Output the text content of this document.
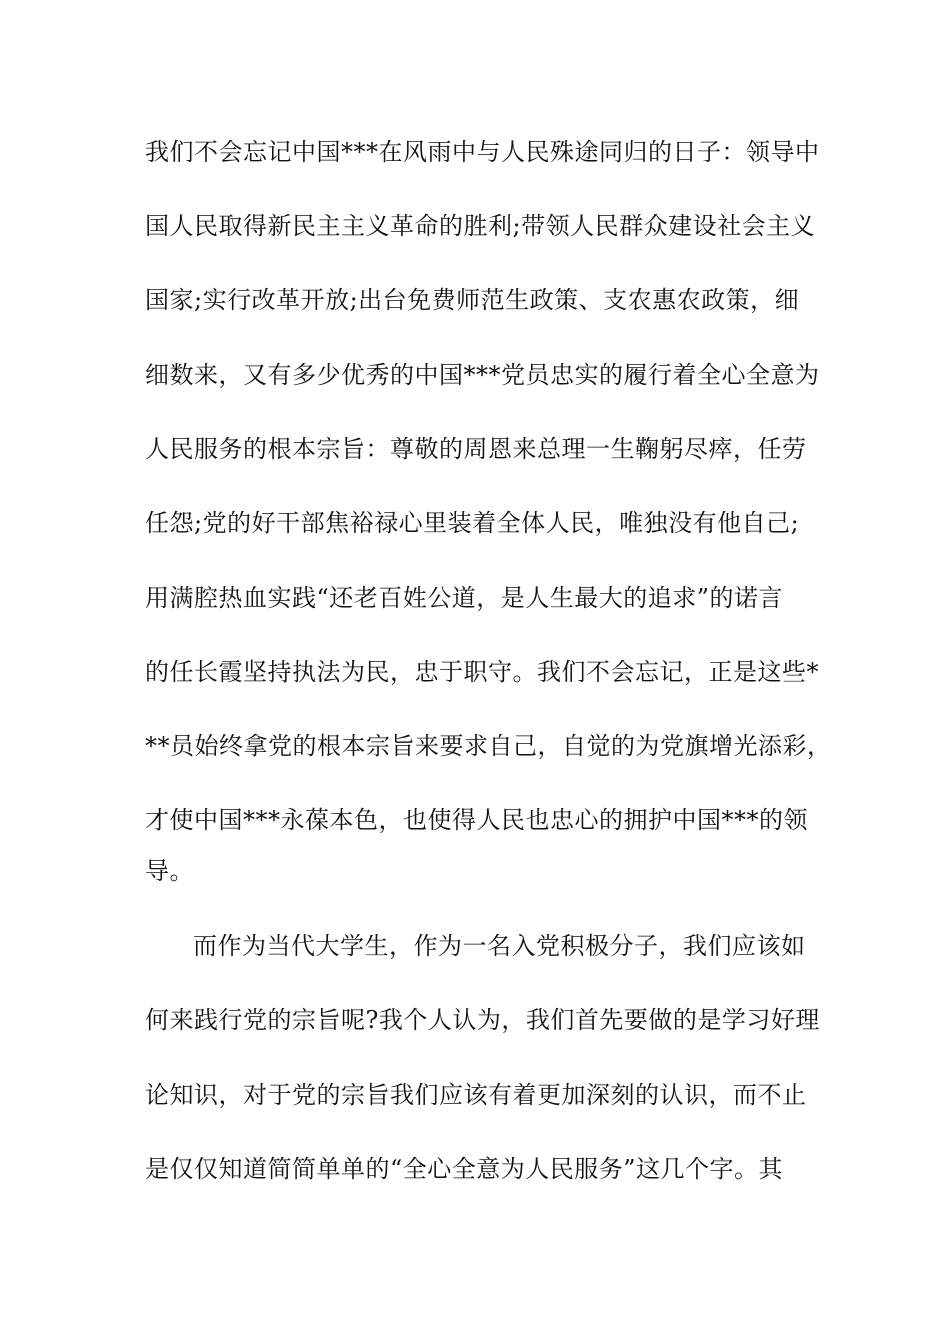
我们不会忘记中国***在风雨中与人民殊途同归的日子：领导中
国人民取得新民主主义革命的胜利;带领人民群众建设社会主义
国家;实行改革开放;出台免费师范生政策、支农惠农政策，细
细数来，又有多少优秀的中国***党员忠实的履行着全心全意为
人民服务的根本宗旨：尊敬的周恩来总理一生鞠躬尽瘁，任劳
任怨;党的好干部焦裕禄心里装着全体人民，唯独没有他自己;
用满腔热血实践“还老百姓公道，是人生最大的追求”的诺言
的任长霞坚持执法为民，忠于职守。我们不会忘记，正是这些*
**员始终拿党的根本宗旨来要求自己，自觉的为党旗增光添彩，
才使中国***永葆本色，也使得人民也忠心的拥护中国***的领
导。
而作为当代大学生，作为一名入党积极分子，我们应该如
何来践行党的宗旨呢?我个人认为，我们首先要做的是学习好理
论知识，对于党的宗旨我们应该有着更加深刻的认识，而不止
是仅仅知道简简单单的“全心全意为人民服务”这几个字。其
